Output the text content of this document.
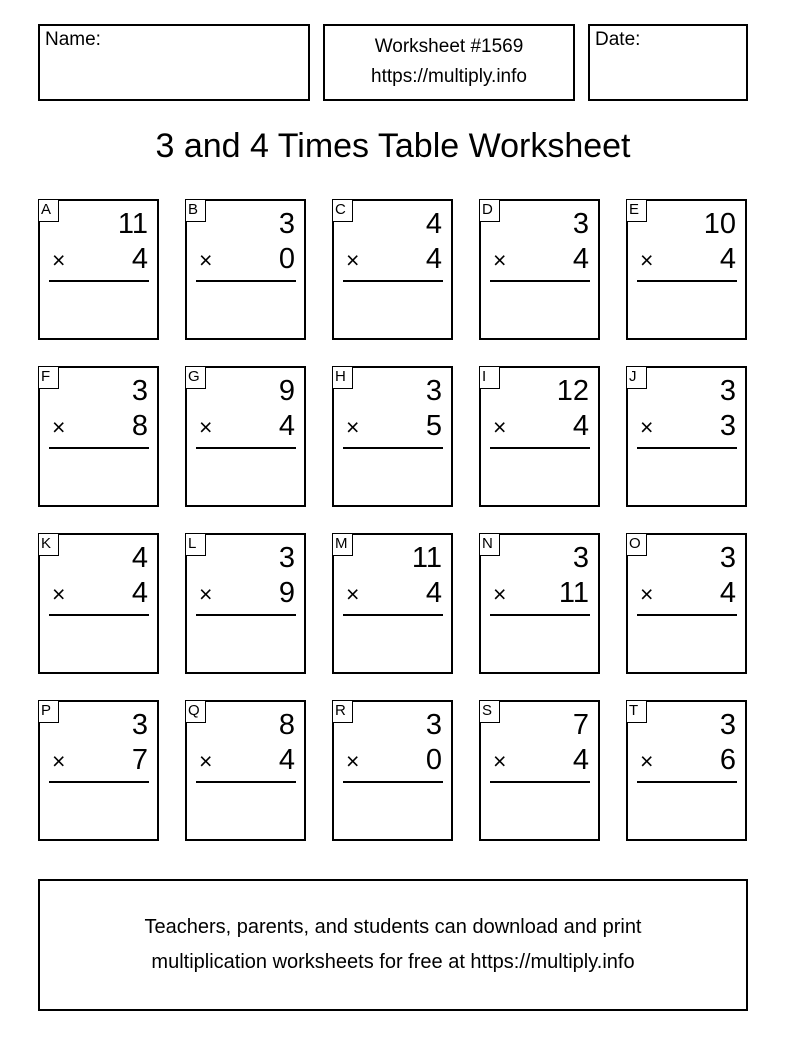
Name:	Worksheet #1569
https://multiply.info
Date:
3 and 4 Times Table Worksheet
A 11
× 4
B	3
× 0
C	4
× 4
D	3
× 4
E 10
× 4
F	3
× 8
G	9
× 4
H	3
× 5
I	12
× 4
J	3
× 3
K	4
× 4
L	3
× 9
M 11
× 4
N	3
× 11
O	3
× 4
P	3
× 7
Q	8
× 4
R	3
× 0
S	7
× 4
T	3
× 6
Teachers, parents, and students can download and print
multiplication worksheets for free at https://multiply.info
